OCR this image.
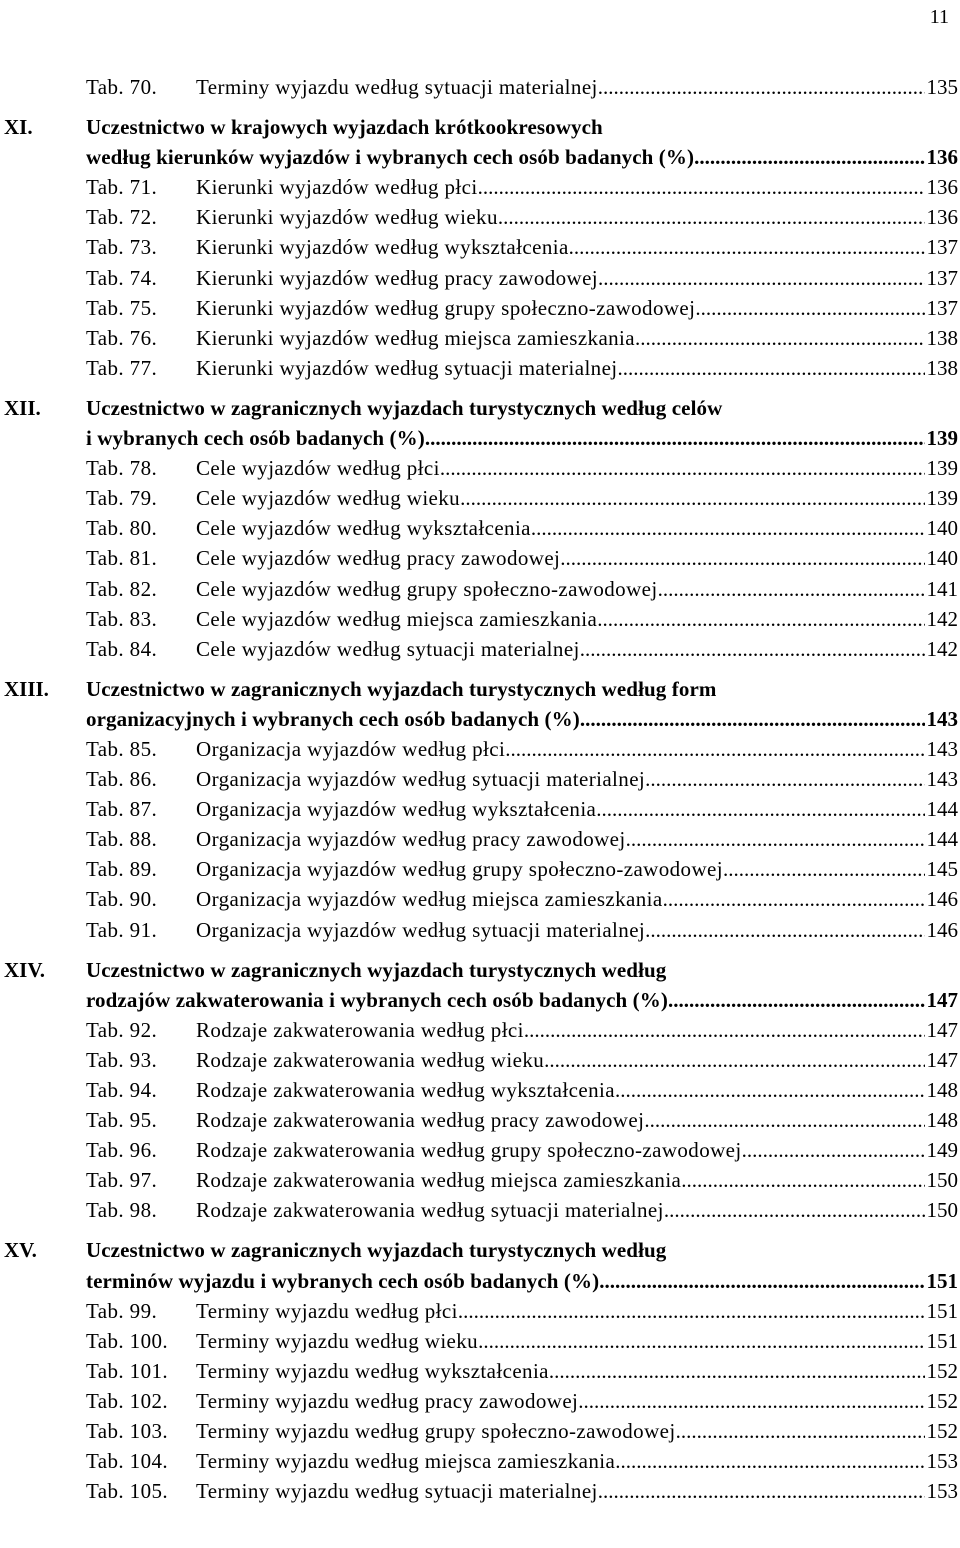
11
Tab. 70.	Terminy wyjazdu według sytuacji materialnej .....	135
XI.	Uczestnictwo w krajowych wyjazdach krótkookresowych
według kierunków wyjazdów i wybranych cech osób badanych (%) .....	136
Tab. 71.	Kierunki wyjazdów według płci .....	136
Tab. 72.	Kierunki wyjazdów według wieku .....	136
Tab. 73.	Kierunki wyjazdów według wykształcenia .....	137
Tab. 74.	Kierunki wyjazdów według pracy zawodowej .....	137
Tab. 75.	Kierunki wyjazdów według grupy społeczno-zawodowej .....	137
Tab. 76.	Kierunki wyjazdów według miejsca zamieszkania .....	138
Tab. 77.	Kierunki wyjazdów według sytuacji materialnej .....	138
XII. Uczestnictwo w zagranicznych wyjazdach turystycznych według celów
i wybranych cech osób badanych (%) .....	139
Tab. 78.	Cele wyjazdów według płci .....	139
Tab. 79.	Cele wyjazdów według wieku .....	139
Tab. 80.	Cele wyjazdów według wykształcenia .....	140
Tab. 81.	Cele wyjazdów według pracy zawodowej .....	140
Tab. 82.	Cele wyjazdów według grupy społeczno-zawodowej .....	141
Tab. 83.	Cele wyjazdów według miejsca zamieszkania .....	142
Tab. 84.	Cele wyjazdów według sytuacji materialnej .....	142
XIII. Uczestnictwo w zagranicznych wyjazdach turystycznych według form
organizacyjnych i wybranych cech osób badanych (%) .....	143
Tab. 85.	Organizacja wyjazdów według płci .....	143
Tab. 86.	Organizacja wyjazdów według sytuacji materialnej .....	143
Tab. 87.	Organizacja wyjazdów według wykształcenia .....	144
Tab. 88.	Organizacja wyjazdów według pracy zawodowej .....	144
Tab. 89.	Organizacja wyjazdów według grupy społeczno-zawodowej .....	145
Tab. 90.	Organizacja wyjazdów według miejsca zamieszkania .....	146
Tab. 91.	Organizacja wyjazdów według sytuacji materialnej .....	146
XIV. Uczestnictwo w zagranicznych wyjazdach turystycznych według
rodzajów zakwaterowania i wybranych cech osób badanych (%) .....	147
Tab. 92.	Rodzaje zakwaterowania według płci .....	147
Tab. 93.	Rodzaje zakwaterowania według wieku .....	147
Tab. 94.	Rodzaje zakwaterowania według wykształcenia .....	148
Tab. 95.	Rodzaje zakwaterowania według pracy zawodowej .....	148
Tab. 96.	Rodzaje zakwaterowania według grupy społeczno-zawodowej .....	149
Tab. 97.	Rodzaje zakwaterowania według miejsca zamieszkania .....	150
Tab. 98.	Rodzaje zakwaterowania według sytuacji materialnej .....	150
XV. Uczestnictwo w zagranicznych wyjazdach turystycznych według
terminów wyjazdu i wybranych cech osób badanych (%) .....	151
Tab. 99.	Terminy wyjazdu według płci .....	151
Tab. 100.	Terminy wyjazdu według wieku .....	151
Tab. 101.	Terminy wyjazdu według wykształcenia .....	152
Tab. 102.	Terminy wyjazdu według pracy zawodowej .....	152
Tab. 103.	Terminy wyjazdu według grupy społeczno-zawodowej .....	152
Tab. 104.	Terminy wyjazdu według miejsca zamieszkania .....	153
Tab. 105.	Terminy wyjazdu według sytuacji materialnej .....	153
